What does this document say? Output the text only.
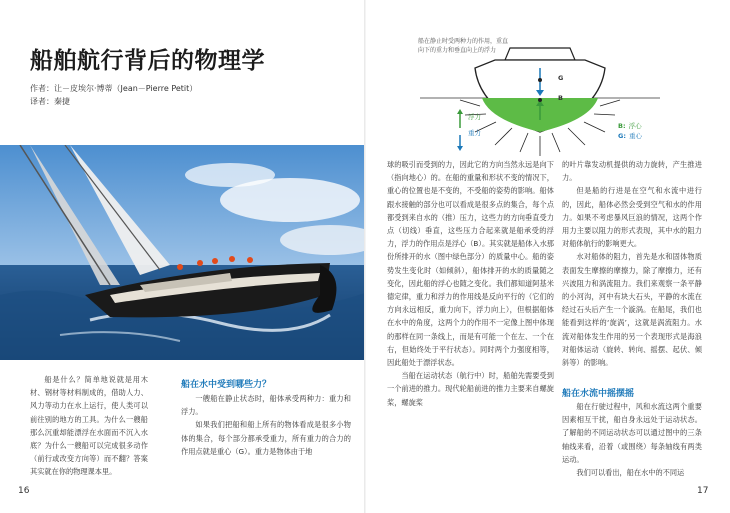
船舶航行背后的物理学
作者：让－皮埃尔·博蒂（Jean－Pierre Petit）
译者：秦捷

船是什么？简单地说就是用木材、钢材等材料制成的，借助人力、风力等动力在水上运行，使人类可以前往别的地方的工具。为什么一艘船那么沉重却能漂浮在水面而不沉入水底？为什么一艘船可以完成很多动作（前行或改变方向等）而不翻？答案其实就在你的物理课本里。

船在水中受到哪些力？

一艘船在静止状态时，船体承受两种力：重力和浮力。

如果我们把船和船上所有的物体看成是很多小物体的集合，每个部分都承受重力，所有重力的合力的作用点就是重心（G）。重力是物体由于地

16
船在静止时受两种力的作用，重直向下的重力和垂直向上的浮力
G
B
浮力
重力
B: 浮心
G: 重心

球的吸引而受到的力，因此它的方向当然永远是向下（指向地心）的。在船的重量和形状不变的情况下，重心的位置也是不变的，不受船的姿势的影响。船体跟水接触的部分也可以看成是很多点的集合，每个点都受到来自水的（推）压力，这些力的方向垂直受力点（切线）垂直，这些压力合起来就是船承受的浮力，浮力的作用点是浮心（B）。其实就是船体入水那份所排开的水（图中绿色部分）的质量中心。船的姿势发生变化时（如倾斜），船体排开的水的质量随之变化，因此船的浮心也随之变化。我们都知道阿基米德定律，重力和浮力的作用线是反向平行的（它们的方向永远相反，重力向下，浮力向上），但根据船体在水中的角度，这两个力的作用不一定像上图中体现的那样在同一条线上，而是有可能一个在左、一个在右，但始终处于平行状态）。同时两个力强度相等，因此船处于漂浮状态。

当船在运动状态（航行中）时，船舶先需要受到一个前进的推力。现代轮船前进的推力主要来自螺旋桨，螺旋桨

的叶片靠发动机提供的动力旋转，产生推进力。

但是船的行进是在空气和水流中进行的，因此，船体必然会受到空气和水的作用力。如果不考虑暴风巨浪的情况，这两个作用力主要以阻力的形式表现，其中水的阻力对船体航行的影响更大。

水对船体的阻力，首先是水和固体物质表面发生摩擦的摩擦力，除了摩擦力，还有兴波阻力和涡流阻力。我们来观察一条平静的小河沟，河中有块大石头，平静的水流在经过石头后产生一个漩涡。在船尾，我们也能看到这样的‘旋涡’，这就是涡流阻力。水流对船体发生作用的另一个表现形式是海浪对船体运动（旋转、转向、摇摆、起伏、倾斜等）的影响。

船在水流中摇摆摇

船在行驶过程中，风和水流这两个重要因素相互干扰，船自身永远处于运动状态。了解船的不同运动状态可以通过图中的三条轴线来看，沿着（或围绕）每条轴线有两类运动。

我们可以看出，船在水中的不同运

17
